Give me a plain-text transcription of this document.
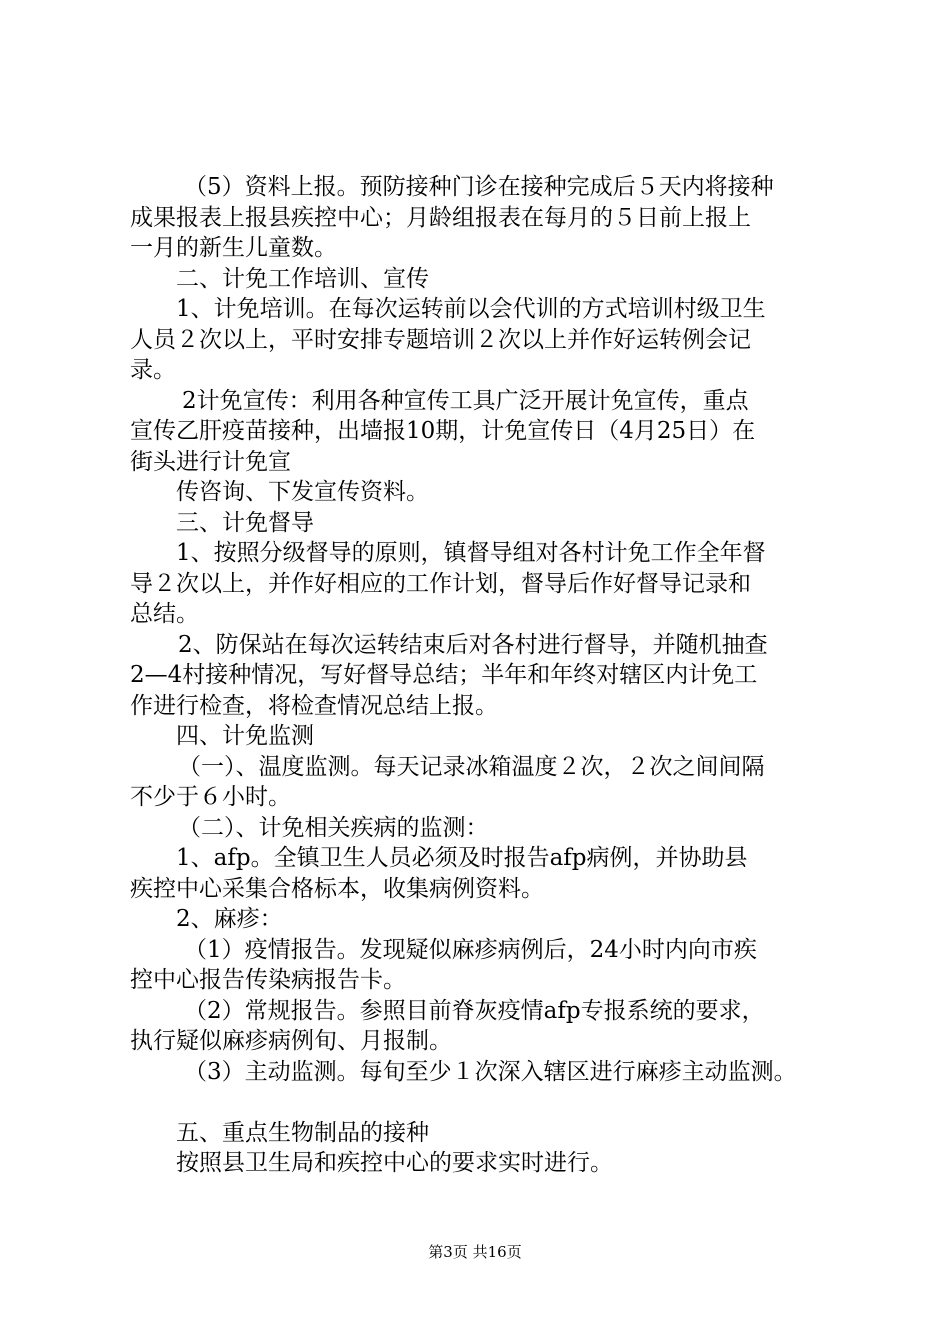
（5）资料上报。预防接种门诊在接种完成后５天内将接种
成果报表上报县疾控中心；月龄组报表在每月的５日前上报上
一月的新生儿童数。
二、计免工作培训、宣传
1、计免培训。在每次运转前以会代训的方式培训村级卫生
人员２次以上，平时安排专题培训２次以上并作好运转例会记
录。
2计免宣传：利用各种宣传工具广泛开展计免宣传，重点
宣传乙肝疫苗接种，出墙报10期，计免宣传日（4月25日）在
街头进行计免宣
传咨询、下发宣传资料。
三、计免督导
1、按照分级督导的原则，镇督导组对各村计免工作全年督
导２次以上，并作好相应的工作计划，督导后作好督导记录和
总结。
2、防保站在每次运转结束后对各村进行督导，并随机抽查
2—4村接种情况，写好督导总结；半年和年终对辖区内计免工
作进行检查，将检查情况总结上报。
四、计免监测
（一）、温度监测。每天记录冰箱温度２次，２次之间间隔
不少于６小时。
（二）、计免相关疾病的监测：
1、afp。全镇卫生人员必须及时报告afp病例，并协助县
疾控中心采集合格标本，收集病例资料。
2、麻疹：
（1）疫情报告。发现疑似麻疹病例后，24小时内向市疾
控中心报告传染病报告卡。
（2）常规报告。参照目前脊灰疫情afp专报系统的要求，
执行疑似麻疹病例旬、月报制。
（3）主动监测。每旬至少１次深入辖区进行麻疹主动监测。
五、重点生物制品的接种
按照县卫生局和疾控中心的要求实时进行。
第3页 共16页
